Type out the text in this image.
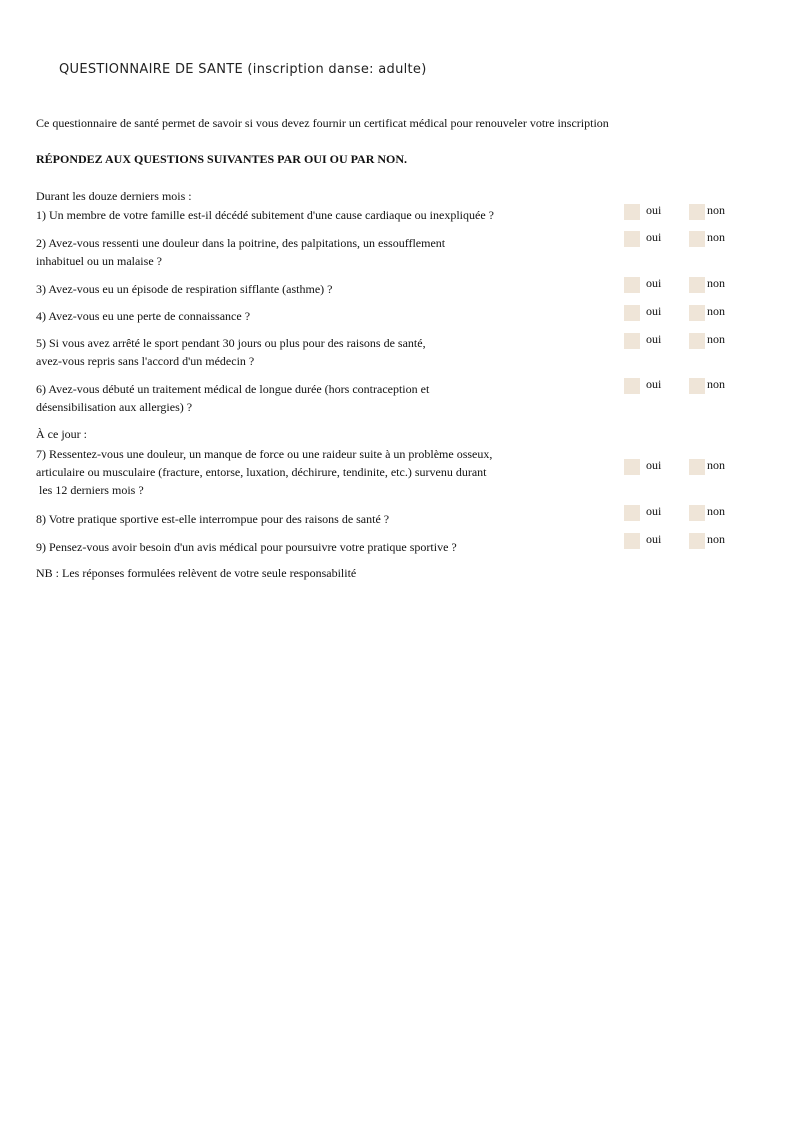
QUESTIONNAIRE DE SANTE (inscription danse: adulte)
Ce questionnaire de santé permet de savoir si vous devez fournir un certificat médical pour renouveler votre inscription
RÉPONDEZ AUX QUESTIONS SUIVANTES PAR OUI OU PAR NON.
Durant les douze derniers mois :
1) Un membre de votre famille est-il décédé subitement d'une cause cardiaque ou inexpliquée ?	oui	non
2) Avez-vous ressenti une douleur dans la poitrine, des palpitations, un essoufflement
inhabituel ou un malaise ?
oui	non
3) Avez-vous eu un épisode de respiration sifflante (asthme) ?	oui	non
4) Avez-vous eu une perte de connaissance ?	oui	non
5) Si vous avez arrêté le sport pendant 30 jours ou plus pour des raisons de santé,
avez-vous repris sans l'accord d'un médecin ?
oui	non
6) Avez-vous débuté un traitement médical de longue durée (hors contraception et
désensibilisation aux allergies) ?
oui	non
À ce jour :
7) Ressentez-vous une douleur, un manque de force ou une raideur suite à un problème osseux,
articulaire ou musculaire (fracture, entorse, luxation, déchirure, tendinite, etc.) survenu durant
les 12 derniers mois ?
oui	non
8) Votre pratique sportive est-elle interrompue pour des raisons de santé ?
oui	non
9) Pensez-vous avoir besoin d'un avis médical pour poursuivre votre pratique sportive ?
oui	non
NB : Les réponses formulées relèvent de votre seule responsabilité
